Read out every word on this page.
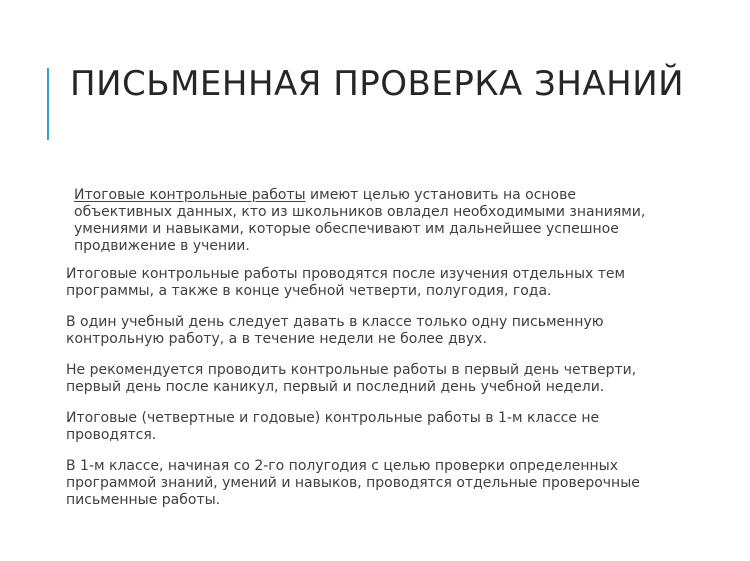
ПИСЬМЕННАЯ ПРОВЕРКА ЗНАНИЙ

Итоговые контрольные работы имеют целью установить на основе объективных данных, кто из школьников овладел необходимыми знаниями, умениями и навыками, которые обеспечивают им дальнейшее успешное продвижение в учении.

Итоговые контрольные работы проводятся после изучения отдельных тем программы, а также в конце учебной четверти, полугодия, года.

В один учебный день следует давать в классе только одну письменную контрольную работу, а в течение недели не более двух.

Не рекомендуется проводить контрольные работы в первый день четверти, первый день после каникул, первый и последний день учебной недели.

Итоговые (четвертные и годовые) контрольные работы в 1-м классе не проводятся.

В 1-м классе, начиная со 2-го полугодия с целью проверки определенных программой знаний, умений и навыков, проводятся отдельные проверочные письменные работы.
